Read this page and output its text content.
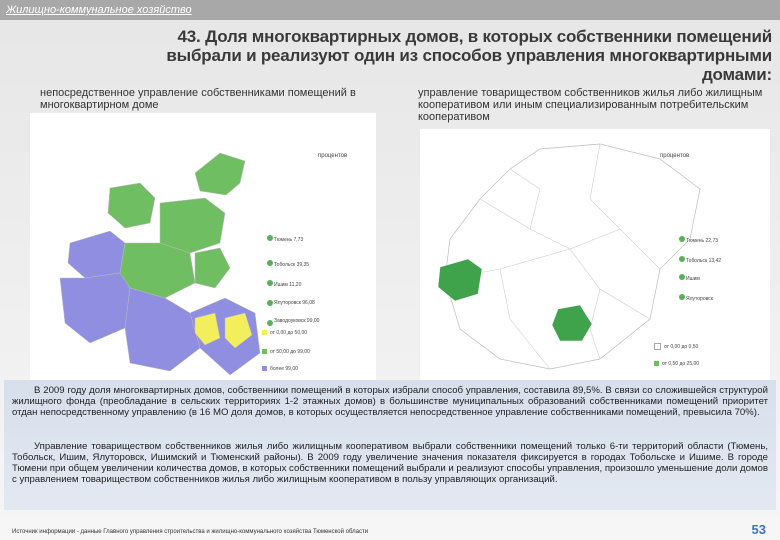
Жилищно-коммунальное хозяйство
43. Доля многоквартирных домов, в которых собственники помещений
выбрали и реализуют один из способов управления многоквартирными
домами:
непосредственное управление собственниками помещений в многоквартирном доме
процентов
Тюмень 7,73
Тобольск 39,35
Ишим 11,20
Ялуторовск 96,08
Заводоуковск 99,00
от 0,00 до 50,00
от 50,00 до 99,00
более 99,00
управление товариществом собственников жилья либо жилищным кооперативом или иным специализированным потребительским кооперативом
процентов
Тюмень 22,73
Тобольск 13,42
Ишим
Ялуторовск
от 0,00 до 0,50
от 0,50 до 25,00
В 2009 году доля многоквартирных домов, собственники помещений в которых избрали способ управления, составила 89,5%. В связи со сложившейся структурой жилищного фонда (преобладание в сельских территориях 1-2 этажных домов) в большинстве муниципальных образований собственниками помещений приоритет отдан непосредственному управлению (в 16 МО доля домов, в которых осуществляется непосредственное управление собственниками помещений, превысила 70%).
Управление товариществом собственников жилья либо жилищным кооперативом выбрали собственники помещений только 6-ти территорий области (Тюмень, Тобольск, Ишим, Ялуторовск, Ишимский и Тюменский районы). В 2009 году увеличение значения показателя фиксируется в городах Тобольске и Ишиме. В городе Тюмени при общем увеличении количества домов, в которых собственники помещений выбрали и реализуют способы управления, произошло уменьшение доли домов с управлением товариществом собственников жилья либо жилищным кооперативом в пользу управляющих организаций.
Источник информации - данные Главного управления строительства и жилищно-коммунального хозяйства Тюменской области	53
